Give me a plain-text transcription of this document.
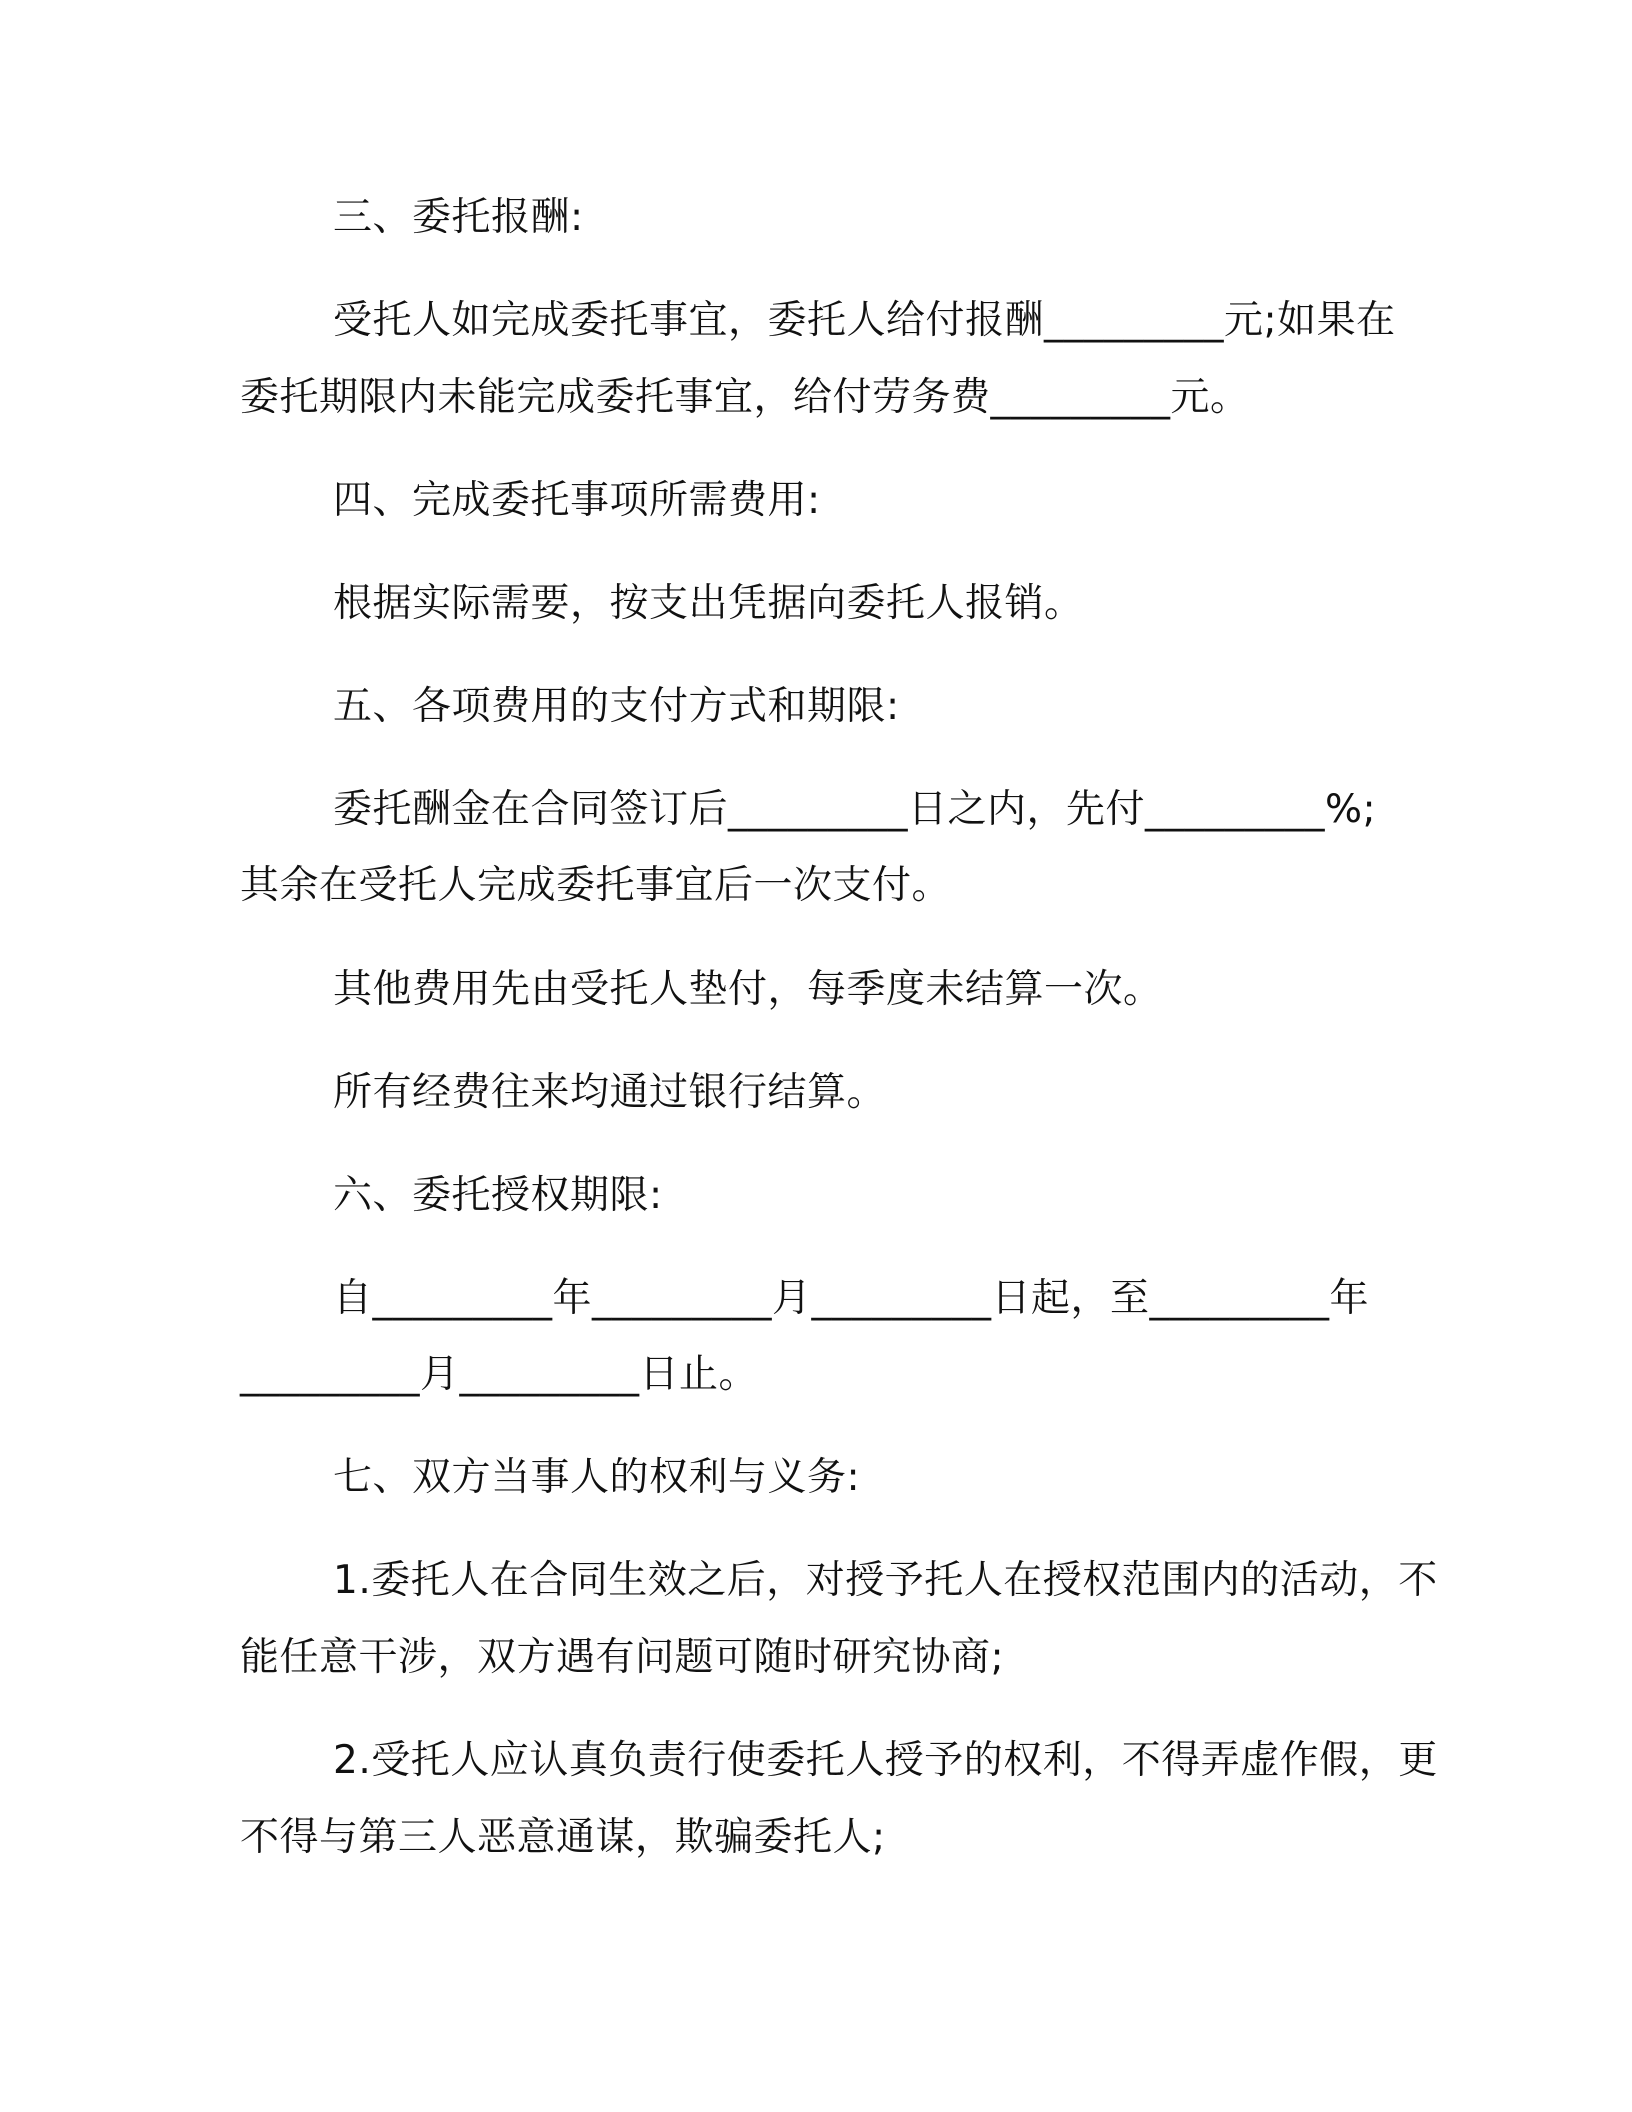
三、委托报酬:
受托人如完成委托事宜，委托人给付报酬_________元;如果在
委托期限内未能完成委托事宜，给付劳务费_________元。
四、完成委托事项所需费用:
根据实际需要，按支出凭据向委托人报销。
五、各项费用的支付方式和期限:
委托酬金在合同签订后_________日之内，先付_________%;
其余在受托人完成委托事宜后一次支付。
其他费用先由受托人垫付，每季度未结算一次。
所有经费往来均通过银行结算。
六、委托授权期限:
自_________年_________月_________日起，至_________年
_________月_________日止。
七、双方当事人的权利与义务:
1.委托人在合同生效之后，对授予托人在授权范围内的活动，不
能任意干涉，双方遇有问题可随时研究协商;
2.受托人应认真负责行使委托人授予的权利，不得弄虚作假，更
不得与第三人恶意通谋，欺骗委托人;
